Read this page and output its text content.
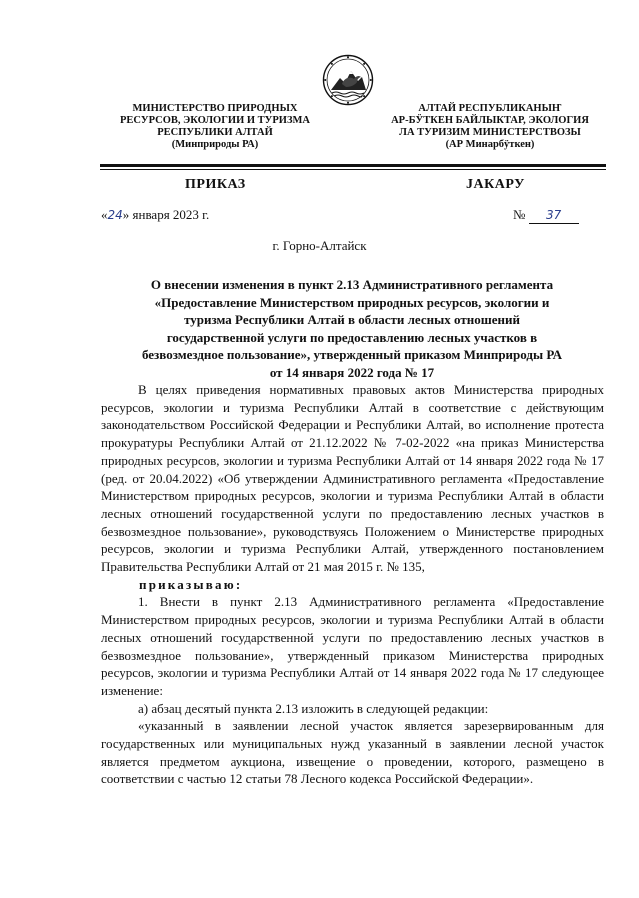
МИНИСТЕРСТВО ПРИРОДНЫХ
РЕСУРСОВ, ЭКОЛОГИИ И ТУРИЗМА
РЕСПУБЛИКИ АЛТАЙ
(Минприроды РА)
АЛТАЙ РЕСПУБЛИКАНЫҤ
АР-БӰТКЕН БАЙЛЫКТАР, ЭКОЛОГИЯ
ЛА ТУРИЗИМ МИНИСТЕРСТВОЗЫ
(АР Минарбӱткен)
ПРИКАЗ	JАКАРУ
«24» января 2023 г.	№ 37
г. Горно-Алтайск
О внесении изменения в пункт 2.13 Административного регламента
«Предоставление Министерством природных ресурсов, экологии и
туризма Республики Алтай в области лесных отношений
государственной услуги по предоставлению лесных участков в
безвозмездное пользование», утвержденный приказом Минприроды РА
от 14 января 2022 года № 17

В целях приведения нормативных правовых актов Министерства природных ресурсов, экологии и туризма Республики Алтай в соответствие с действующим законодательством Российской Федерации и Республики Алтай, во исполнение протеста прокуратуры Республики Алтай от 21.12.2022 № 7-02-2022 «на приказ Министерства природных ресурсов, экологии и туризма Республики Алтай от 14 января 2022 года № 17 (ред. от 20.04.2022) «Об утверждении Административного регламента «Предоставление Министерством природных ресурсов, экологии и туризма Республики Алтай в области лесных отношений государственной услуги по предоставлению лесных участков в безвозмездное пользование», руководствуясь Положением о Министерстве природных ресурсов, экологии и туризма Республики Алтай, утвержденного постановлением Правительства Республики Алтай от 21 мая 2015 г. № 135,

приказываю:

1. Внести в пункт 2.13 Административного регламента «Предоставление Министерством природных ресурсов, экологии и туризма Республики Алтай в области лесных отношений государственной услуги по предоставлению лесных участков в безвозмездное пользование», утвержденный приказом Министерства природных ресурсов, экологии и туризма Республики Алтай от 14 января 2022 года № 17 следующее изменение:

а) абзац десятый пункта 2.13 изложить в следующей редакции:

«указанный в заявлении лесной участок является зарезервированным для государственных или муниципальных нужд указанный в заявлении лесной участок является предметом аукциона, извещение о проведении, которого, размещено в соответствии с частью 12 статьи 78 Лесного кодекса Российской Федерации».
